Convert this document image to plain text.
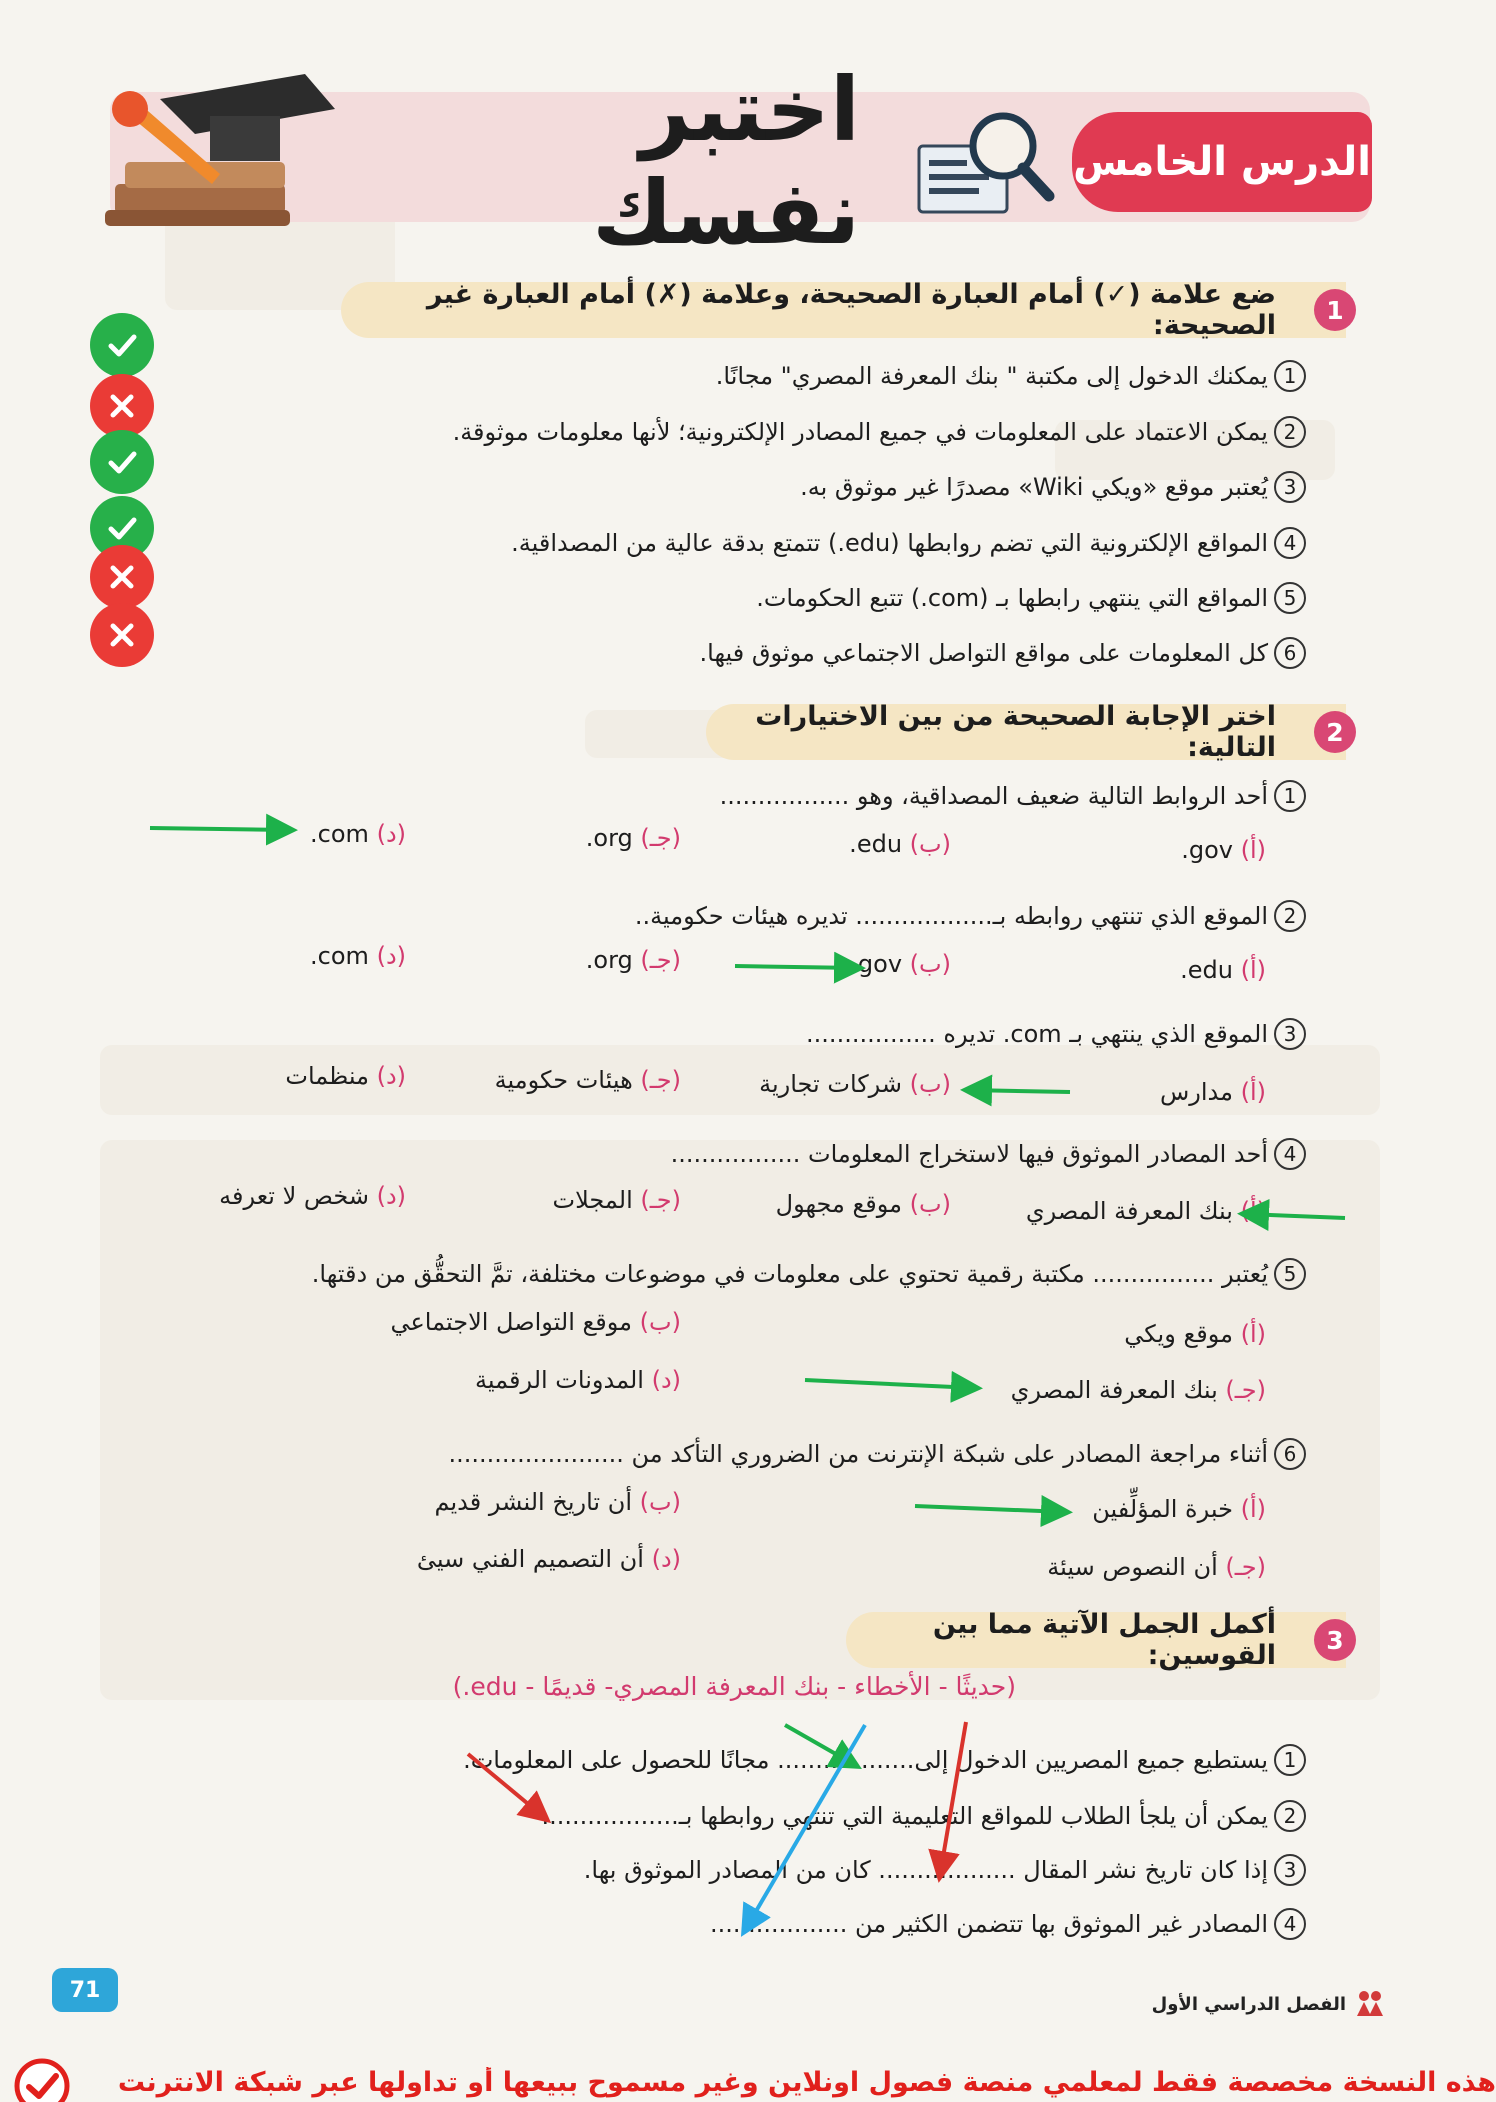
اختبر نفسك	الدرس الخامس
ضع علامة (✓) أمام العبارة الصحيحة، وعلامة (✗) أمام العبارة غير الصحيحة:	1
1
يمكنك الدخول إلى مكتبة " بنك المعرفة المصري" مجانًا.
2
يمكن الاعتماد على المعلومات في جميع المصادر الإلكترونية؛ لأنها معلومات موثوقة.
3
يُعتبر موقع «ويكي Wiki» مصدرًا غير موثوق به.
4
المواقع الإلكترونية التي تضم روابطها (edu.) تتمتع بدقة عالية من المصداقية.
5
المواقع التي ينتهي رابطها بـ (com.) تتبع الحكومات.
6
كل المعلومات على مواقع التواصل الاجتماعي موثوق فيها.
اختر الإجابة الصحيحة من بين الاختيارات التالية:	2
1
أحد الروابط التالية ضعيف المصداقية، وهو .................
(أ) gov.
(ب) edu.
(جـ) org.
(د) com.
2
الموقع الذي تنتهي روابطه بـ.................. تديره هيئات حكومية..
(أ) edu.
(ب) gov
(جـ) org.
(د) com.
3
الموقع الذي ينتهي بـ com. تديره .................
(أ) مدارس
(ب) شركات تجارية
(جـ) هيئات حكومية
(د) منظمات
4
أحد المصادر الموثوق فيها لاستخراج المعلومات .................
(أ) بنك المعرفة المصري
(ب) موقع مجهول
(جـ) المجلات
(د) شخص لا تعرفه
5
يُعتبر ................ مكتبة رقمية تحتوي على معلومات في موضوعات مختلفة، تمَّ التحقُّق من دقتها.
(أ) موقع ويكي
(ب) موقع التواصل الاجتماعي
(جـ) بنك المعرفة المصري
(د) المدونات الرقمية
6
أثناء مراجعة المصادر على شبكة الإنترنت من الضروري التأكد من .......................
(أ) خبرة المؤلِّفين
(ب) أن تاريخ النشر قديم
(جـ) أن النصوص سيئة
(د) أن التصميم الفني سيئ
أكمل الجمل الآتية مما بين القوسين:	3
(حديثًا - الأخطاء - بنك المعرفة المصري- قديمًا - edu.)
1
يستطيع جميع المصريين الدخول إلى.................. مجانًا للحصول على المعلومات.
2
يمكن أن يلجأ الطلاب للمواقع التعليمية التي تنتهي روابطها بـ..................
3
إذا كان تاريخ نشر المقال .................. كان من المصادر الموثوق بها.
4
المصادر غير الموثوق بها تتضمن الكثير من ..................
71
الفصل الدراسي الأول
هذه النسخة مخصصة فقط لمعلمي منصة فصول اونلاين وغير مسموح ببيعها أو تداولها عبر شبكة الانترنت
